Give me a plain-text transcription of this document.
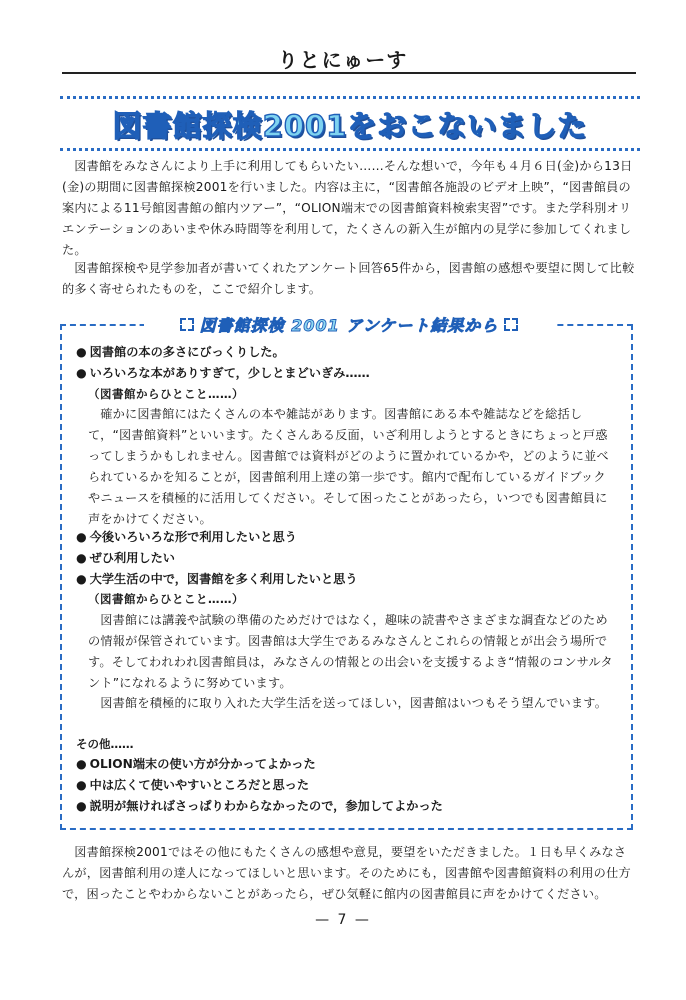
りとにゅーす
図書館探検2001をおこないました

図書館をみなさんにより上手に利用してもらいたい……そんな想いで，今年も４月６日(金)から13日(金)の期間に図書館探検2001を行いました。内容は主に，“図書館各施設のビデオ上映”，“図書館員の案内による11号館図書館の館内ツアー”，“OLION端末での図書館資料検索実習”です。また学科別オリエンテーションのあいまや休み時間等を利用して，たくさんの新入生が館内の見学に参加してくれました。

図書館探検や見学参加者が書いてくれたアンケート回答65件から，図書館の感想や要望に関して比較的多く寄せられたものを，ここで紹介します。

図書館探検 2001 アンケート結果から

● 図書館の本の多さにびっくりした。

● いろいろな本がありすぎて，少しとまどいぎみ……

（図書館からひとこと……）

確かに図書館にはたくさんの本や雑誌があります。図書館にある本や雑誌などを総括して，“図書館資料”といいます。たくさんある反面，いざ利用しようとするときにちょっと戸惑ってしまうかもしれません。図書館では資料がどのように置かれているかや，どのように並べられているかを知ることが，図書館利用上達の第一歩です。館内で配布しているガイドブックやニュースを積極的に活用してください。そして困ったことがあったら，いつでも図書館員に声をかけてください。

● 今後いろいろな形で利用したいと思う

● ぜひ利用したい

● 大学生活の中で，図書館を多く利用したいと思う

（図書館からひとこと……）

図書館には講義や試験の準備のためだけではなく，趣味の読書やさまざまな調査などのための情報が保管されています。図書館は大学生であるみなさんとこれらの情報とが出会う場所です。そしてわれわれ図書館員は，みなさんの情報との出会いを支援するよき“情報のコンサルタント”になれるように努めています。

図書館を積極的に取り入れた大学生活を送ってほしい，図書館はいつもそう望んでいます。

その他……

● OLION端末の使い方が分かってよかった

● 中は広くて使いやすいところだと思った

● 説明が無ければさっぱりわからなかったので，参加してよかった

図書館探検2001ではその他にもたくさんの感想や意見，要望をいただきました。１日も早くみなさんが，図書館利用の達人になってほしいと思います。そのためにも，図書館や図書館資料の利用の仕方で，困ったことやわからないことがあったら，ぜひ気軽に館内の図書館員に声をかけてください。

— 7 —
